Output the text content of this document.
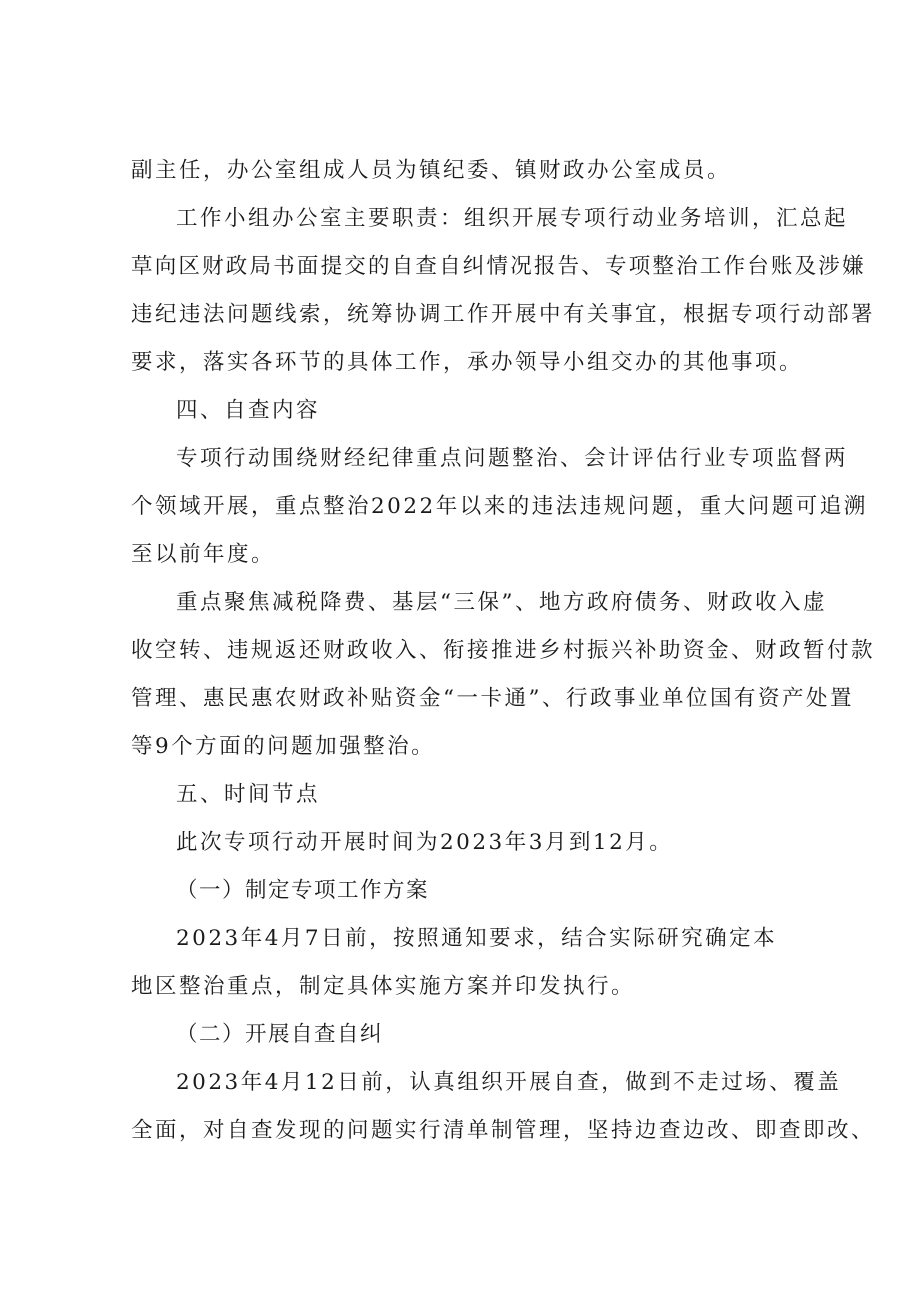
副主任，办公室组成人员为镇纪委、镇财政办公室成员。
工作小组办公室主要职责：组织开展专项行动业务培训，汇总起
草向区财政局书面提交的自查自纠情况报告、专项整治工作台账及涉嫌
违纪违法问题线索，统筹协调工作开展中有关事宜，根据专项行动部署
要求，落实各环节的具体工作，承办领导小组交办的其他事项。
四、自查内容
专项行动围绕财经纪律重点问题整治、会计评估行业专项监督两
个领域开展，重点整治2022年以来的违法违规问题，重大问题可追溯
至以前年度。
重点聚焦减税降费、基层“三保”、地方政府债务、财政收入虚
收空转、违规返还财政收入、衔接推进乡村振兴补助资金、财政暂付款
管理、惠民惠农财政补贴资金“一卡通”、行政事业单位国有资产处置
等9个方面的问题加强整治。
五、时间节点
此次专项行动开展时间为2023年3月到12月。
（一）制定专项工作方案
2023年4月7日前，按照通知要求，结合实际研究确定本
地区整治重点，制定具体实施方案并印发执行。
（二）开展自查自纠
2023年4月12日前，认真组织开展自查，做到不走过场、覆盖
全面，对自查发现的问题实行清单制管理，坚持边查边改、即查即改、
